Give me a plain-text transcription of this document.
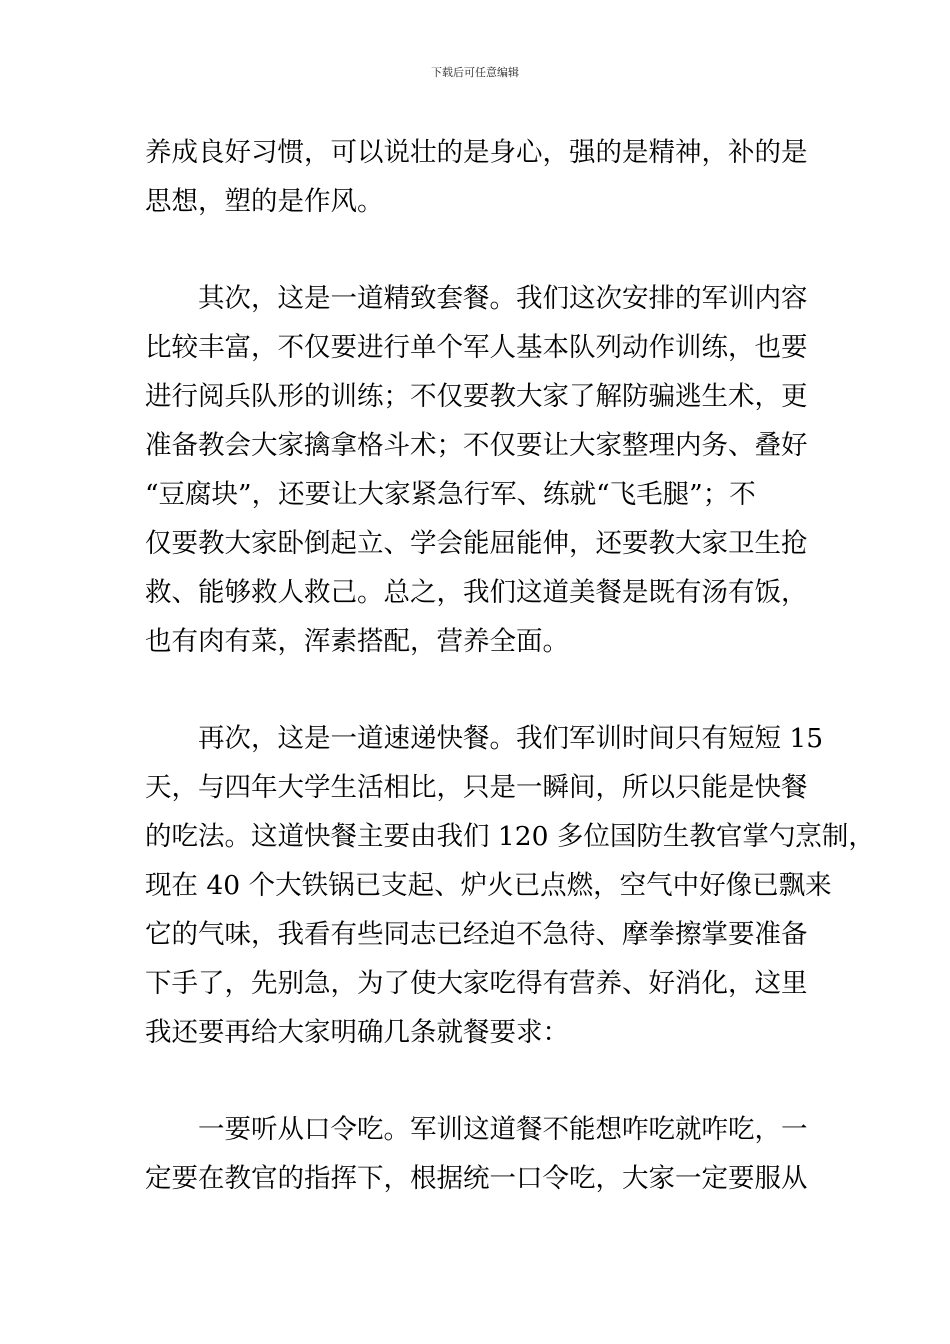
下载后可任意编辑
养成良好习惯，可以说壮的是身心，强的是精神，补的是
思想，塑的是作风。
其次，这是一道精致套餐。我们这次安排的军训内容
比较丰富，不仅要进行单个军人基本队列动作训练，也要
进行阅兵队形的训练；不仅要教大家了解防骗逃生术，更
准备教会大家擒拿格斗术；不仅要让大家整理内务、叠好
“豆腐块”，还要让大家紧急行军、练就“飞毛腿”；不
仅要教大家卧倒起立、学会能屈能伸，还要教大家卫生抢
救、能够救人救己。总之，我们这道美餐是既有汤有饭，
也有肉有菜，浑素搭配，营养全面。
再次，这是一道速递快餐。我们军训时间只有短短 15
天，与四年大学生活相比，只是一瞬间，所以只能是快餐
的吃法。这道快餐主要由我们 120 多位国防生教官掌勺烹制，
现在 40 个大铁锅已支起、炉火已点燃，空气中好像已飘来
它的气味，我看有些同志已经迫不急待、摩拳擦掌要准备
下手了，先别急，为了使大家吃得有营养、好消化，这里
我还要再给大家明确几条就餐要求：
一要听从口令吃。军训这道餐不能想咋吃就咋吃，一
定要在教官的指挥下，根据统一口令吃，大家一定要服从
